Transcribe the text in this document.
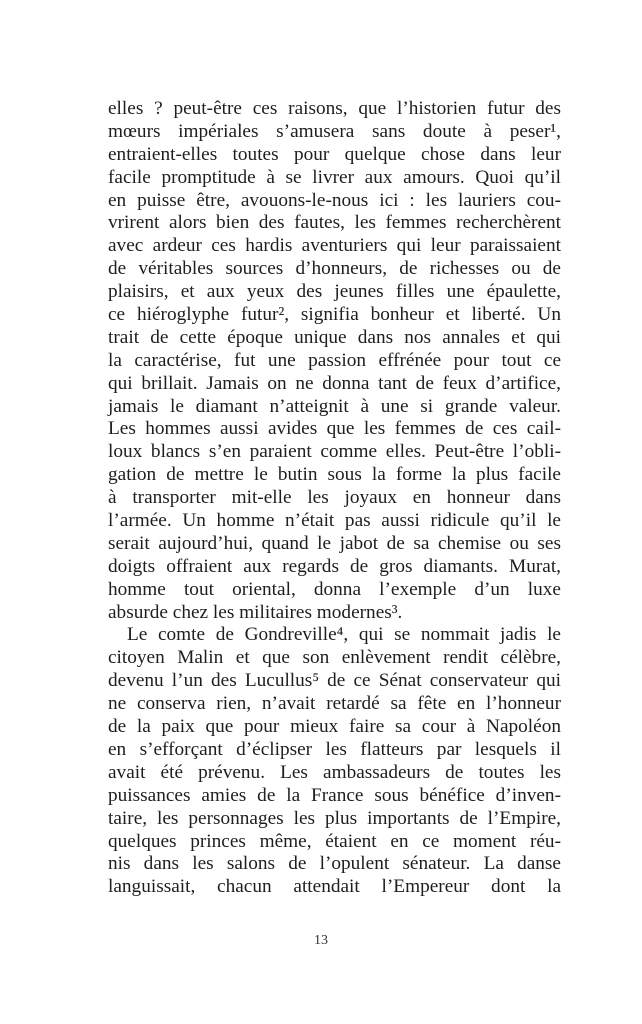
elles ? peut-être ces raisons, que l’historien futur des
mœurs impériales s’amusera sans doute à peser¹,
entraient-elles toutes pour quelque chose dans leur
facile promptitude à se livrer aux amours. Quoi qu’il
en puisse être, avouons-le-nous ici : les lauriers cou-
vrirent alors bien des fautes, les femmes recherchèrent
avec ardeur ces hardis aventuriers qui leur paraissaient
de véritables sources d’honneurs, de richesses ou de
plaisirs, et aux yeux des jeunes filles une épaulette,
ce hiéroglyphe futur², signifia bonheur et liberté. Un
trait de cette époque unique dans nos annales et qui
la caractérise, fut une passion effrénée pour tout ce
qui brillait. Jamais on ne donna tant de feux d’artifice,
jamais le diamant n’atteignit à une si grande valeur.
Les hommes aussi avides que les femmes de ces cail-
loux blancs s’en paraient comme elles. Peut-être l’obli-
gation de mettre le butin sous la forme la plus facile
à transporter mit-elle les joyaux en honneur dans
l’armée. Un homme n’était pas aussi ridicule qu’il le
serait aujourd’hui, quand le jabot de sa chemise ou ses
doigts offraient aux regards de gros diamants. Murat,
homme tout oriental, donna l’exemple d’un luxe
absurde chez les militaires modernes³.
Le comte de Gondreville⁴, qui se nommait jadis le
citoyen Malin et que son enlèvement rendit célèbre,
devenu l’un des Lucullus⁵ de ce Sénat conservateur qui
ne conserva rien, n’avait retardé sa fête en l’honneur
de la paix que pour mieux faire sa cour à Napoléon
en s’efforçant d’éclipser les flatteurs par lesquels il
avait été prévenu. Les ambassadeurs de toutes les
puissances amies de la France sous bénéfice d’inven-
taire, les personnages les plus importants de l’Empire,
quelques princes même, étaient en ce moment réu-
nis dans les salons de l’opulent sénateur. La danse
languissait, chacun attendait l’Empereur dont la
13
